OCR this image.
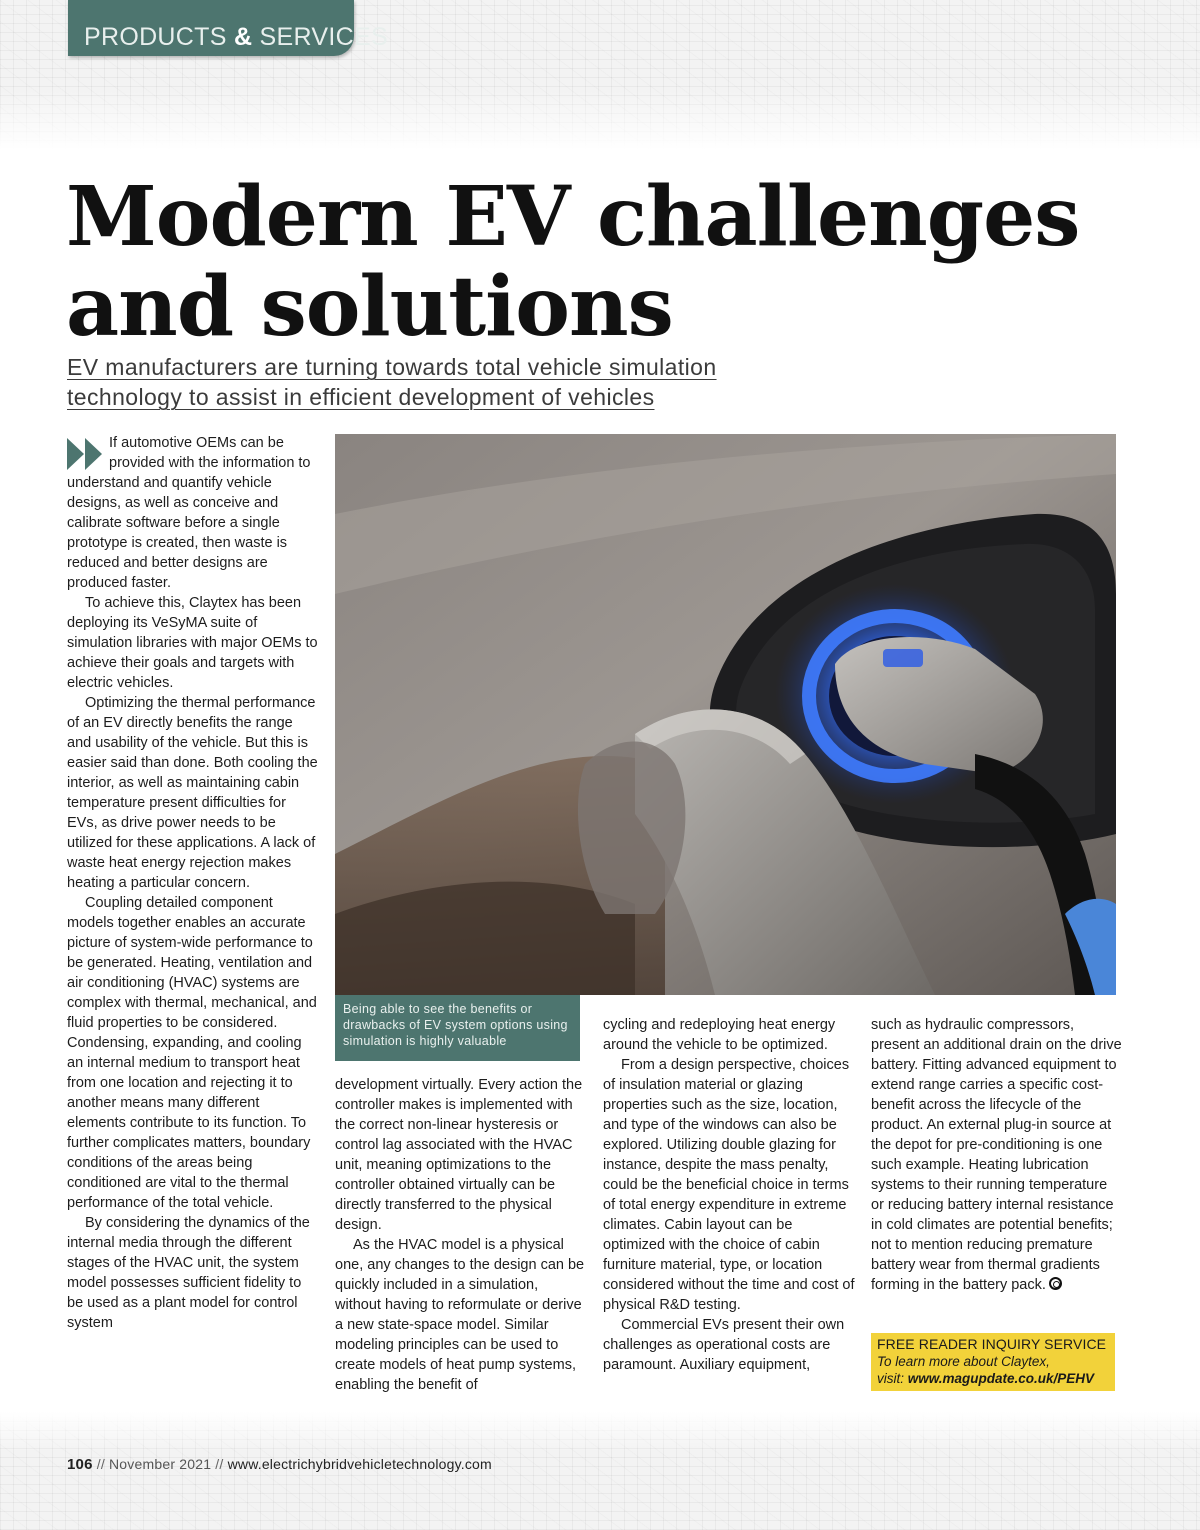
PRODUCTS & SERVICES
Modern EV challenges
and solutions
EV manufacturers are turning towards total vehicle simulation
technology to assist in efficient development of vehicles

If automotive OEMs can be provided with the information to understand and quantify vehicle designs, as well as conceive and calibrate software before a single prototype is created, then waste is reduced and better designs are produced faster.

To achieve this, Claytex has been deploying its VeSyMA suite of simulation libraries with major OEMs to achieve their goals and targets with electric vehicles.

Optimizing the thermal performance of an EV directly benefits the range and usability of the vehicle. But this is easier said than done. Both cooling the interior, as well as maintaining cabin temperature present difficulties for EVs, as drive power needs to be utilized for these applications. A lack of waste heat energy rejection makes heating a particular concern.

Coupling detailed component models together enables an accurate picture of system-wide performance to be generated. Heating, ventilation and air conditioning (HVAC) systems are complex with thermal, mechanical, and fluid properties to be considered. Condensing, expanding, and cooling an internal medium to transport heat from one location and rejecting it to another means many different elements contribute to its function. To further complicates matters, boundary conditions of the areas being conditioned are vital to the thermal performance of the total vehicle.

By considering the dynamics of the internal media through the different stages of the HVAC unit, the system model possesses sufficient fidelity to be used as a plant model for control system

Being able to see the benefits or drawbacks of EV system options using simulation is highly valuable

development virtually. Every action the controller makes is implemented with the correct non-linear hysteresis or control lag associated with the HVAC unit, meaning optimizations to the controller obtained virtually can be directly transferred to the physical design.

As the HVAC model is a physical one, any changes to the design can be quickly included in a simulation, without having to reformulate or derive a new state-space model. Similar modeling principles can be used to create models of heat pump systems, enabling the benefit of

cycling and redeploying heat energy around the vehicle to be optimized.

From a design perspective, choices of insulation material or glazing properties such as the size, location, and type of the windows can also be explored. Utilizing double glazing for instance, despite the mass penalty, could be the beneficial choice in terms of total energy expenditure in extreme climates. Cabin layout can be optimized with the choice of cabin furniture material, type, or location considered without the time and cost of physical R&D testing.

Commercial EVs present their own challenges as operational costs are paramount. Auxiliary equipment,

such as hydraulic compressors, present an additional drain on the drive battery. Fitting advanced equipment to extend range carries a specific cost-benefit across the lifecycle of the product. An external plug-in source at the depot for pre-conditioning is one such example. Heating lubrication systems to their running temperature or reducing battery internal resistance in cold climates are potential benefits; not to mention reducing premature battery wear from thermal gradients forming in the battery pack.

FREE READER INQUIRY SERVICE
To learn more about Claytex,
visit: www.magupdate.co.uk/PEHV
106 // November 2021 // www.electrichybridvehicletechnology.com
